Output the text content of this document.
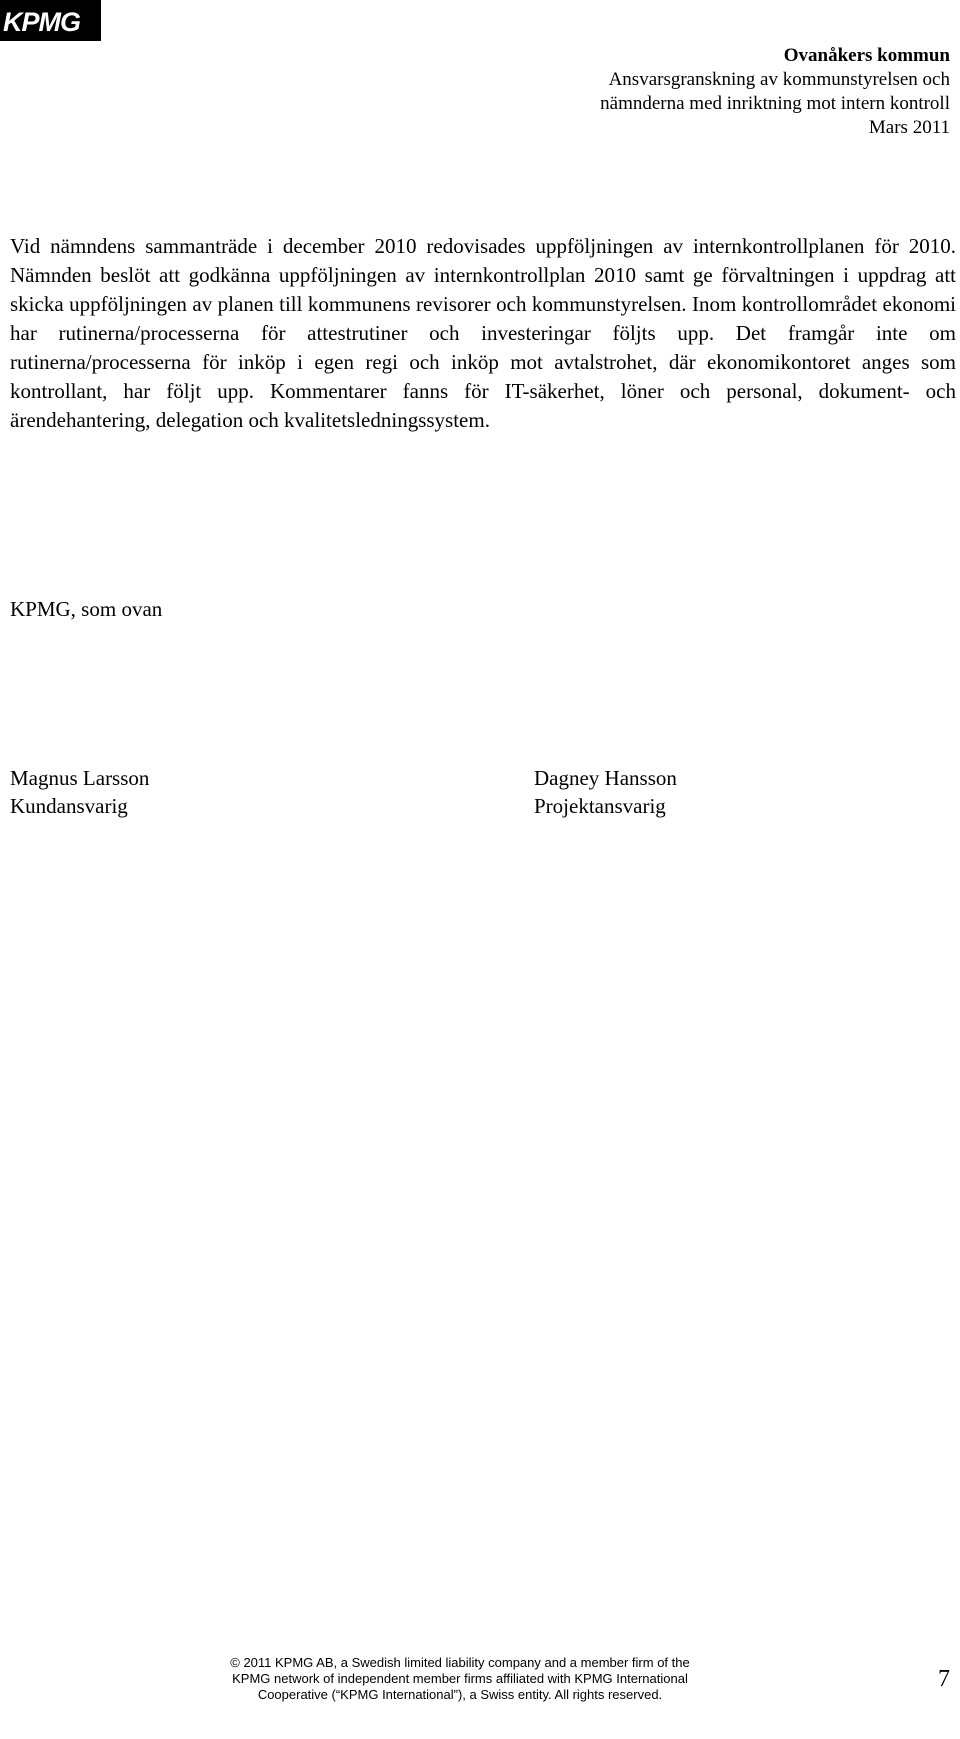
KPMG
Ovanåkers kommun
Ansvarsgranskning av kommunstyrelsen och
nämnderna med inriktning mot intern kontroll
Mars 2011

Vid nämndens sammanträde i december 2010 redovisades uppföljningen av internkontrollplanen för 2010. Nämnden beslöt att godkänna uppföljningen av internkontrollplan 2010 samt ge förvaltningen i uppdrag att skicka uppföljningen av planen till kommunens revisorer och kommunstyrelsen. Inom kontrollområdet ekonomi har rutinerna/processerna för attestrutiner och investeringar följts upp. Det framgår inte om rutinerna/processerna för inköp i egen regi och inköp mot avtalstrohet, där ekonomikontoret anges som kontrollant, har följt upp. Kommentarer fanns för IT-säkerhet, löner och personal, dokument- och ärendehantering, delegation och kvalitetsledningssystem.

KPMG, som ovan

Magnus Larsson
Kundansvarig
Dagney Hansson
Projektansvarig
© 2011 KPMG AB, a Swedish limited liability company and a member firm of the
KPMG network of independent member firms affiliated with KPMG International
Cooperative (“KPMG International”), a Swiss entity. All rights reserved.
7
